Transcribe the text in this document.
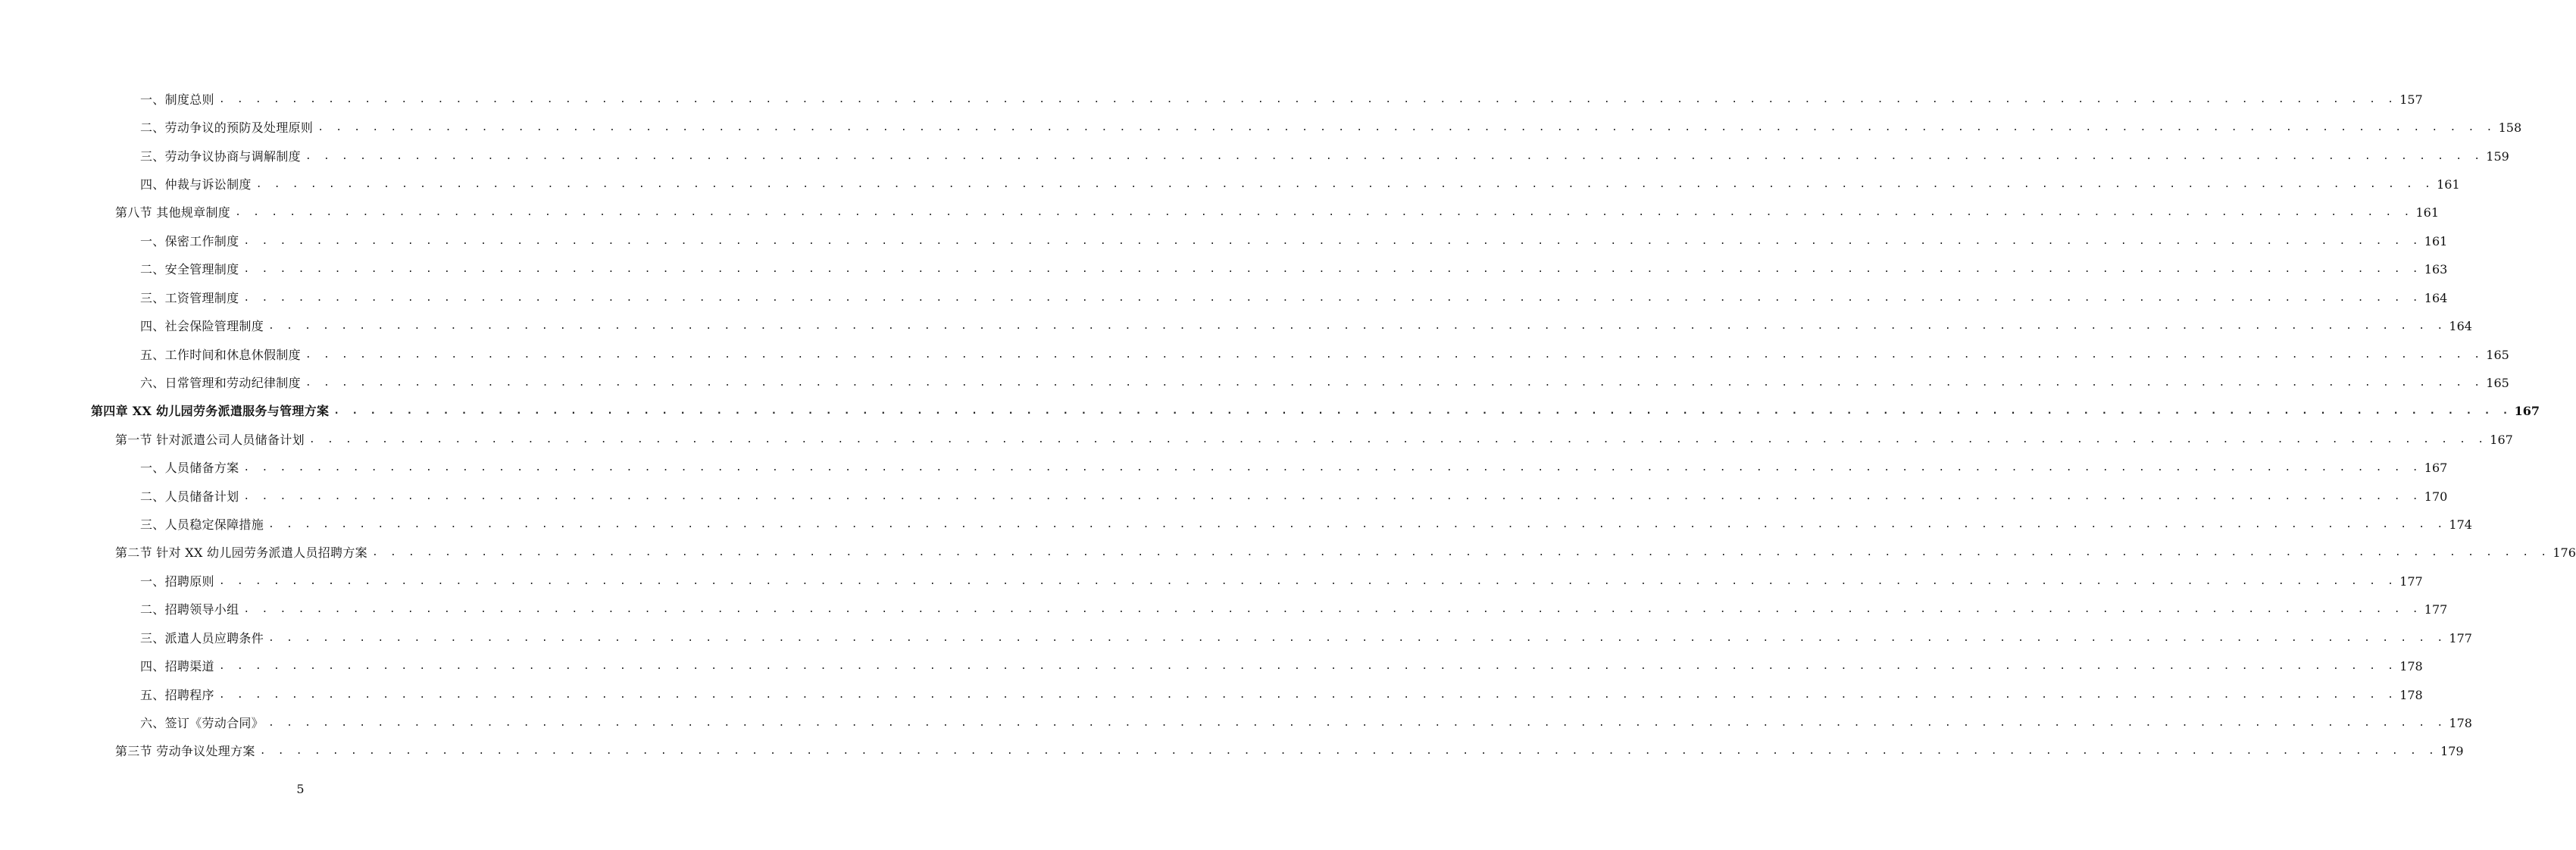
一、制度总则 . . . . . . . . . . . . . . . . . . . . . . . . . . . . . . . . . . . . . . . . . . . . . . . . . . . . . . . . . . . . . . . . . . . . . . . . . . . . . . . . . . . . . . . . . . . . . . . . . . . . . . . . . . . . . . . . . . . . . . . . 157
二、劳动争议的预防及处理原则 . . . . . . . . . . . . . . . . . . . . . . . . . . . . . . . . . . . . . . . . . . . . . . . . . . . . . . . . . . . . . . . . . . . . . . . . . . . . . . . . . . . . . . . . . . . . . . . . . . . . . . . . . . . . . . . . . . . . . . . . 158
三、劳动争议协商与调解制度 . . . . . . . . . . . . . . . . . . . . . . . . . . . . . . . . . . . . . . . . . . . . . . . . . . . . . . . . . . . . . . . . . . . . . . . . . . . . . . . . . . . . . . . . . . . . . . . . . . . . . . . . . . . . . . . . . . . . . . . . 159
四、仲裁与诉讼制度 . . . . . . . . . . . . . . . . . . . . . . . . . . . . . . . . . . . . . . . . . . . . . . . . . . . . . . . . . . . . . . . . . . . . . . . . . . . . . . . . . . . . . . . . . . . . . . . . . . . . . . . . . . . . . . . . . . . . . . . . 161
第八节 其他规章制度 . . . . . . . . . . . . . . . . . . . . . . . . . . . . . . . . . . . . . . . . . . . . . . . . . . . . . . . . . . . . . . . . . . . . . . . . . . . . . . . . . . . . . . . . . . . . . . . . . . . . . . . . . . . . . . . . . . . . . . . . 161
一、保密工作制度 . . . . . . . . . . . . . . . . . . . . . . . . . . . . . . . . . . . . . . . . . . . . . . . . . . . . . . . . . . . . . . . . . . . . . . . . . . . . . . . . . . . . . . . . . . . . . . . . . . . . . . . . . . . . . . . . . . . . . . . . 161
二、安全管理制度 . . . . . . . . . . . . . . . . . . . . . . . . . . . . . . . . . . . . . . . . . . . . . . . . . . . . . . . . . . . . . . . . . . . . . . . . . . . . . . . . . . . . . . . . . . . . . . . . . . . . . . . . . . . . . . . . . . . . . . . . 163
三、工资管理制度 . . . . . . . . . . . . . . . . . . . . . . . . . . . . . . . . . . . . . . . . . . . . . . . . . . . . . . . . . . . . . . . . . . . . . . . . . . . . . . . . . . . . . . . . . . . . . . . . . . . . . . . . . . . . . . . . . . . . . . . . 164
四、社会保险管理制度 . . . . . . . . . . . . . . . . . . . . . . . . . . . . . . . . . . . . . . . . . . . . . . . . . . . . . . . . . . . . . . . . . . . . . . . . . . . . . . . . . . . . . . . . . . . . . . . . . . . . . . . . . . . . . . . . . . . . . . . . 164
五、工作时间和休息休假制度 . . . . . . . . . . . . . . . . . . . . . . . . . . . . . . . . . . . . . . . . . . . . . . . . . . . . . . . . . . . . . . . . . . . . . . . . . . . . . . . . . . . . . . . . . . . . . . . . . . . . . . . . . . . . . . . . . . . . . . . . 165
六、日常管理和劳动纪律制度 . . . . . . . . . . . . . . . . . . . . . . . . . . . . . . . . . . . . . . . . . . . . . . . . . . . . . . . . . . . . . . . . . . . . . . . . . . . . . . . . . . . . . . . . . . . . . . . . . . . . . . . . . . . . . . . . . . . . . . . . 165
第四章 XX 幼儿园劳务派遣服务与管理方案 . . . . . . . . . . . . . . . . . . . . . . . . . . . . . . . . . . . . . . . . . . . . . . . . . . . . . . . . . . . . . . . . . . . . . . . . . . . . . . . . . . . . . . . . . . . . . . . . . . . . . . . . . . . . . . . . . . . . . . . . 167
第一节 针对派遣公司人员储备计划 . . . . . . . . . . . . . . . . . . . . . . . . . . . . . . . . . . . . . . . . . . . . . . . . . . . . . . . . . . . . . . . . . . . . . . . . . . . . . . . . . . . . . . . . . . . . . . . . . . . . . . . . . . . . . . . . . . . . . . . . 167
一、人员储备方案 . . . . . . . . . . . . . . . . . . . . . . . . . . . . . . . . . . . . . . . . . . . . . . . . . . . . . . . . . . . . . . . . . . . . . . . . . . . . . . . . . . . . . . . . . . . . . . . . . . . . . . . . . . . . . . . . . . . . . . . . 167
二、人员储备计划 . . . . . . . . . . . . . . . . . . . . . . . . . . . . . . . . . . . . . . . . . . . . . . . . . . . . . . . . . . . . . . . . . . . . . . . . . . . . . . . . . . . . . . . . . . . . . . . . . . . . . . . . . . . . . . . . . . . . . . . . 170
三、人员稳定保障措施 . . . . . . . . . . . . . . . . . . . . . . . . . . . . . . . . . . . . . . . . . . . . . . . . . . . . . . . . . . . . . . . . . . . . . . . . . . . . . . . . . . . . . . . . . . . . . . . . . . . . . . . . . . . . . . . . . . . . . . . . 174
第二节 针对 XX 幼儿园劳务派遣人员招聘方案 . . . . . . . . . . . . . . . . . . . . . . . . . . . . . . . . . . . . . . . . . . . . . . . . . . . . . . . . . . . . . . . . . . . . . . . . . . . . . . . . . . . . . . . . . . . . . . . . . . . . . . . . . . . . . . . . . . . . . . . . 176
一、招聘原则 . . . . . . . . . . . . . . . . . . . . . . . . . . . . . . . . . . . . . . . . . . . . . . . . . . . . . . . . . . . . . . . . . . . . . . . . . . . . . . . . . . . . . . . . . . . . . . . . . . . . . . . . . . . . . . . . . . . . . . . . 177
二、招聘领导小组 . . . . . . . . . . . . . . . . . . . . . . . . . . . . . . . . . . . . . . . . . . . . . . . . . . . . . . . . . . . . . . . . . . . . . . . . . . . . . . . . . . . . . . . . . . . . . . . . . . . . . . . . . . . . . . . . . . . . . . . . 177
三、派遣人员应聘条件 . . . . . . . . . . . . . . . . . . . . . . . . . . . . . . . . . . . . . . . . . . . . . . . . . . . . . . . . . . . . . . . . . . . . . . . . . . . . . . . . . . . . . . . . . . . . . . . . . . . . . . . . . . . . . . . . . . . . . . . . 177
四、招聘渠道 . . . . . . . . . . . . . . . . . . . . . . . . . . . . . . . . . . . . . . . . . . . . . . . . . . . . . . . . . . . . . . . . . . . . . . . . . . . . . . . . . . . . . . . . . . . . . . . . . . . . . . . . . . . . . . . . . . . . . . . . 178
五、招聘程序 . . . . . . . . . . . . . . . . . . . . . . . . . . . . . . . . . . . . . . . . . . . . . . . . . . . . . . . . . . . . . . . . . . . . . . . . . . . . . . . . . . . . . . . . . . . . . . . . . . . . . . . . . . . . . . . . . . . . . . . . 178
六、签订《劳动合同》 . . . . . . . . . . . . . . . . . . . . . . . . . . . . . . . . . . . . . . . . . . . . . . . . . . . . . . . . . . . . . . . . . . . . . . . . . . . . . . . . . . . . . . . . . . . . . . . . . . . . . . . . . . . . . . . . . . . . . . . . 178
第三节 劳动争议处理方案 . . . . . . . . . . . . . . . . . . . . . . . . . . . . . . . . . . . . . . . . . . . . . . . . . . . . . . . . . . . . . . . . . . . . . . . . . . . . . . . . . . . . . . . . . . . . . . . . . . . . . . . . . . . . . . . . . . . . . . . . 179
5
